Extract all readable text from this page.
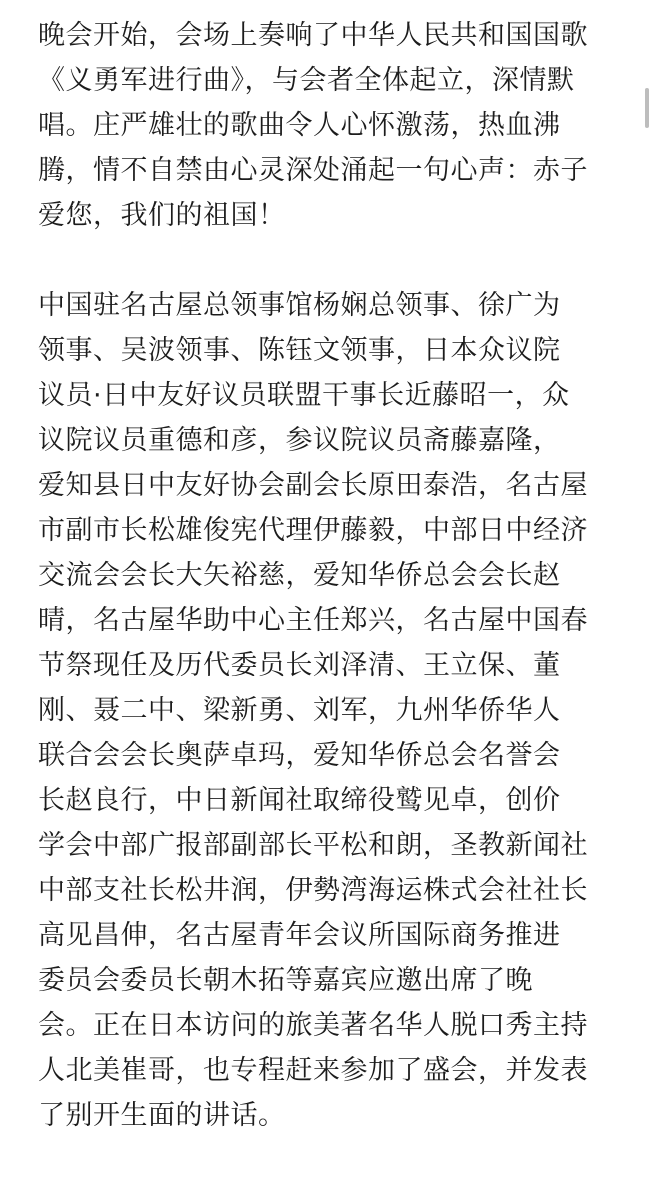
晚会开始，会场上奏响了中华人民共和国国歌
《义勇军进行曲》，与会者全体起立，深情默
唱。庄严雄壮的歌曲令人心怀激荡，热血沸
腾，情不自禁由心灵深处涌起一句心声：赤子
爱您，我们的祖国！
中国驻名古屋总领事馆杨娴总领事、徐广为
领事、吴波领事、陈钰文领事，日本众议院
议员·日中友好议员联盟干事长近藤昭一，众
议院议员重德和彦，参议院议员斋藤嘉隆，
爱知县日中友好协会副会长原田泰浩，名古屋
市副市长松雄俊宪代理伊藤毅，中部日中经济
交流会会长大矢裕慈，爱知华侨总会会长赵
晴，名古屋华助中心主任郑兴，名古屋中国春
节祭现任及历代委员长刘泽清、王立保、董
刚、聂二中、梁新勇、刘军，九州华侨华人
联合会会长奥萨卓玛，爱知华侨总会名誉会
长赵良行，中日新闻社取缔役鹫见卓，创价
学会中部广报部副部长平松和朗，圣教新闻社
中部支社长松井润，伊勢湾海运株式会社社长
高见昌伸，名古屋青年会议所国际商务推进
委员会委员长朝木拓等嘉宾应邀出席了晚
会。正在日本访问的旅美著名华人脱口秀主持
人北美崔哥，也专程赶来参加了盛会，并发表
了别开生面的讲话。
